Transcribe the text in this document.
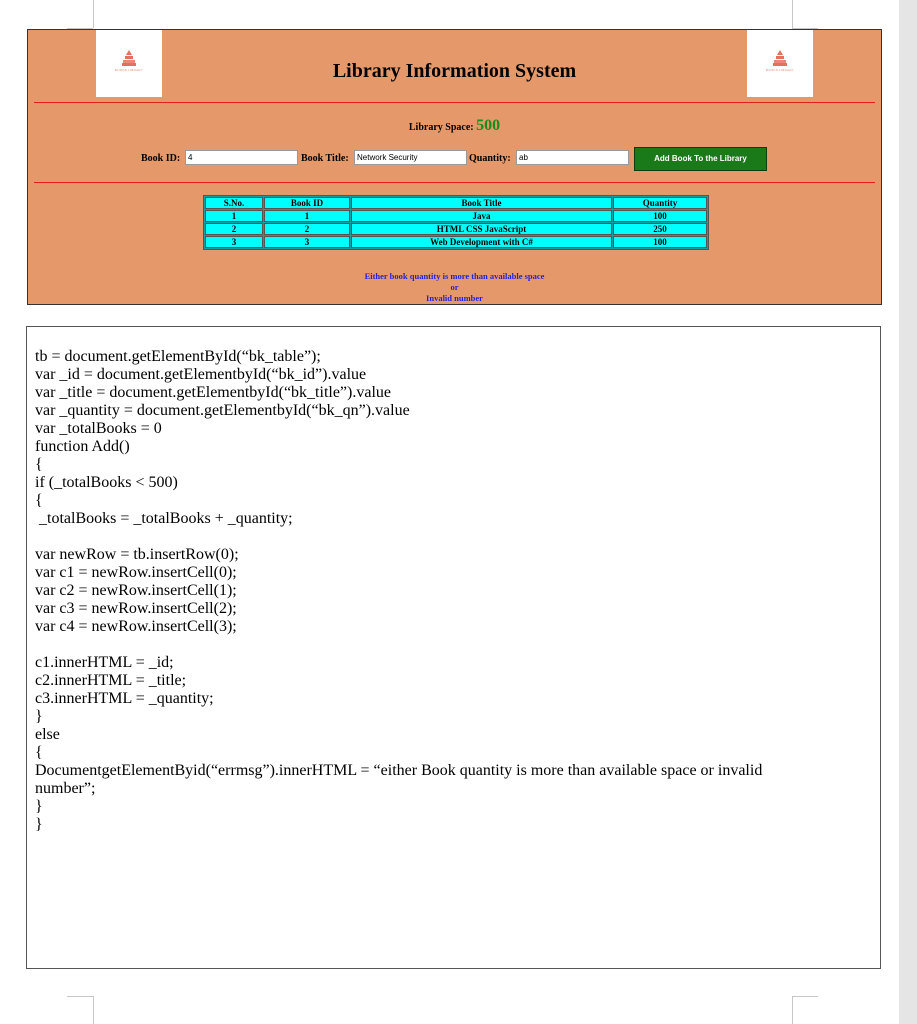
BOOKS LIBRARY	BOOKS LIBRARY
Library Information System
Library Space: 500
Book ID: 4	Book Title:	Network Security	Quantity:	ab	Add Book To the Library
S.No.	Book ID	Book Title	Quantity
1	1	Java	100
2	2	HTML CSS JavaScript	250
3	3	Web Development with C#	100
Either book quantity is more than available space
or
Invalid number
tb = document.getElementById(“bk_table”);
var _id = document.getElementbyId(“bk_id”).value
var _title = document.getElementbyId(“bk_title”).value
var _quantity = document.getElementbyId(“bk_qn”).value
var _totalBooks = 0
function Add()
{
if (_totalBooks < 500)
{
_totalBooks = _totalBooks + _quantity;
var newRow = tb.insertRow(0);
var c1 = newRow.insertCell(0);
var c2 = newRow.insertCell(1);
var c3 = newRow.insertCell(2);
var c4 = newRow.insertCell(3);
c1.innerHTML = _id;
c2.innerHTML = _title;
c3.innerHTML = _quantity;
}
else
{
DocumentgetElementByid(“errmsg”).innerHTML = “either Book quantity is more than available space or invalid
number”;
}
}
